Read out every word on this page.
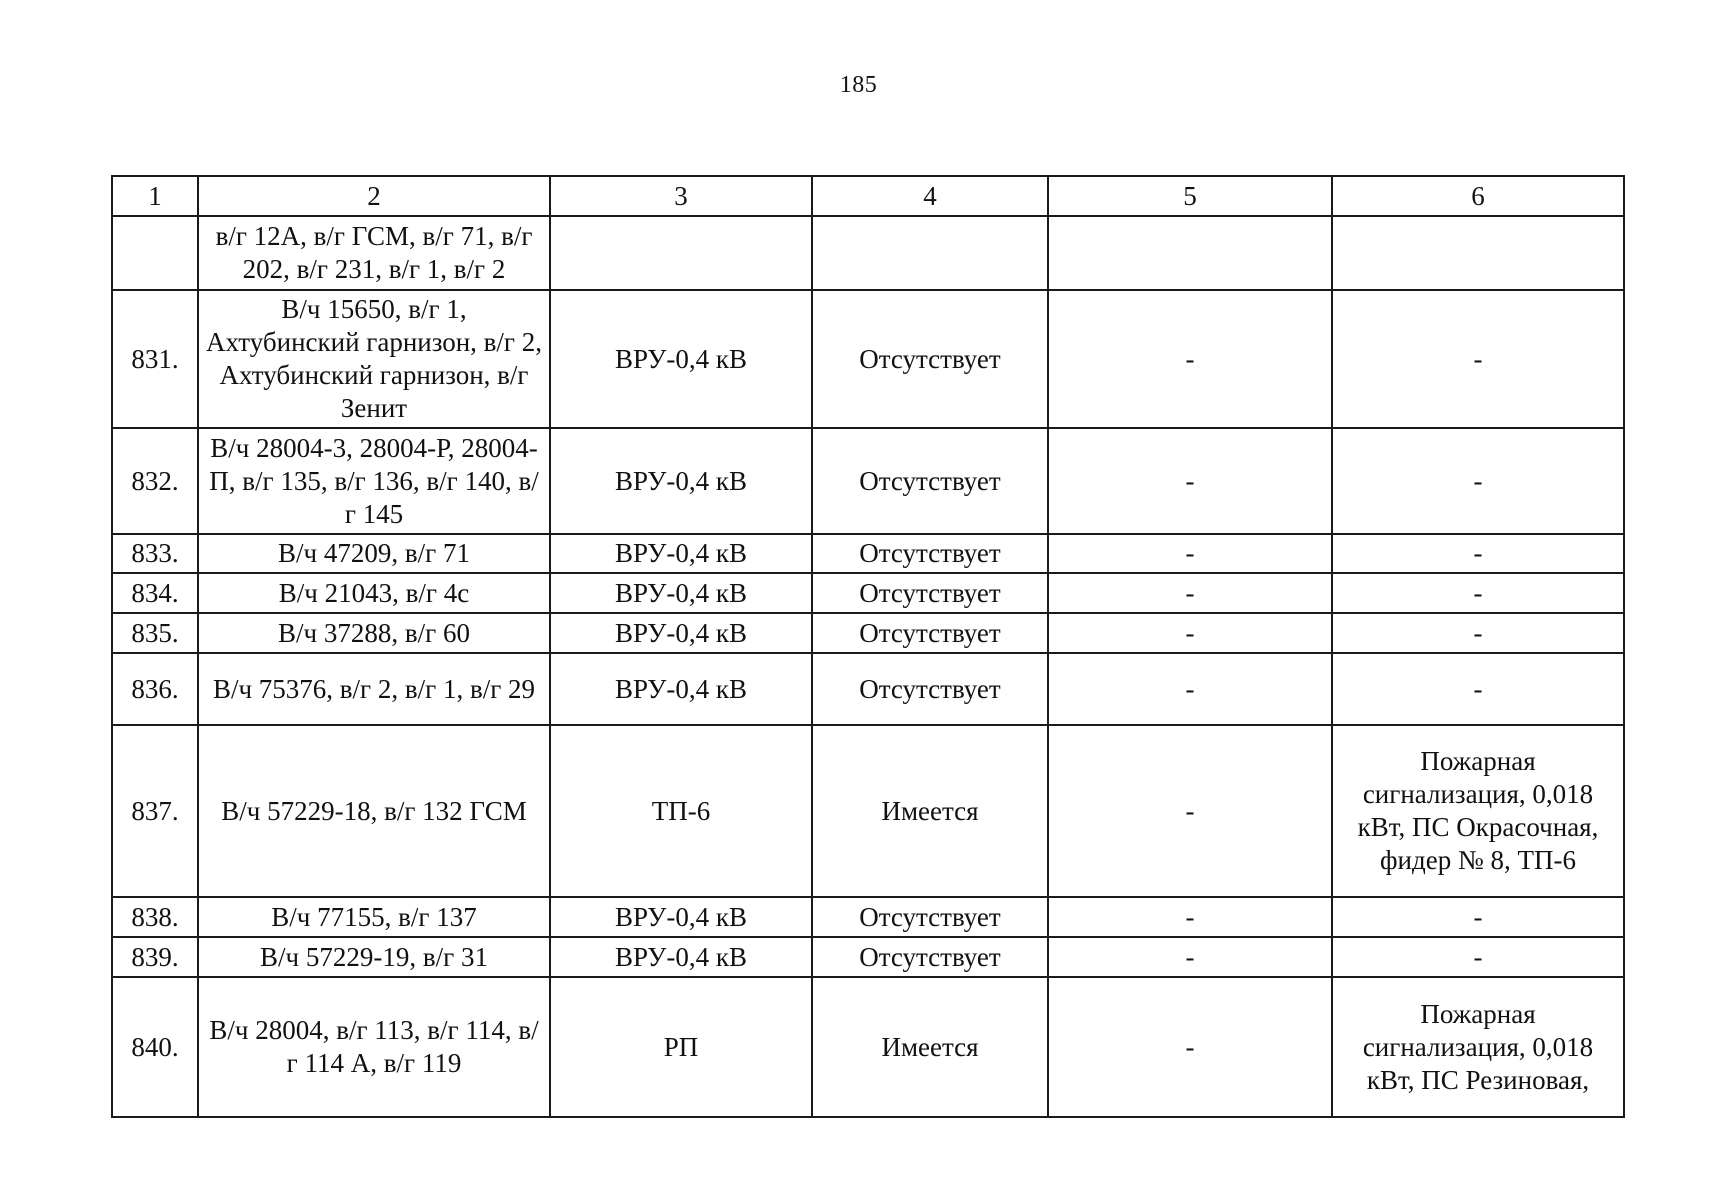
185
1	2	3	4	5	6
	в/г 12А, в/г ГСМ, в/г 71, в/г 202, в/г 231, в/г 1, в/г 2				
831.	В/ч 15650, в/г 1, Ахтубинский гарнизон, в/г 2, Ахтубинский гарнизон, в/г Зенит	ВРУ-0,4 кВ	Отсутствует	-	-
832.	В/ч 28004-3, 28004-Р, 28004-П, в/г 135, в/г 136, в/г 140, в/г 145	ВРУ-0,4 кВ	Отсутствует	-	-
833.	В/ч 47209, в/г 71	ВРУ-0,4 кВ	Отсутствует	-	-
834.	В/ч 21043, в/г 4с	ВРУ-0,4 кВ	Отсутствует	-	-
835.	В/ч 37288, в/г 60	ВРУ-0,4 кВ	Отсутствует	-	-
836.	В/ч 75376, в/г 2, в/г 1, в/г 29	ВРУ-0,4 кВ	Отсутствует	-	-
837.	В/ч 57229-18, в/г 132 ГСМ	ТП-6	Имеется	-	Пожарная сигнализация, 0,018 кВт, ПС Окрасочная, фидер № 8, ТП-6
838.	В/ч 77155, в/г 137	ВРУ-0,4 кВ	Отсутствует	-	-
839.	В/ч 57229-19, в/г 31	ВРУ-0,4 кВ	Отсутствует	-	-
840.	В/ч 28004, в/г 113, в/г 114, в/г 114 А, в/г 119	РП	Имеется	-	Пожарная сигнализация, 0,018 кВт, ПС Резиновая,
